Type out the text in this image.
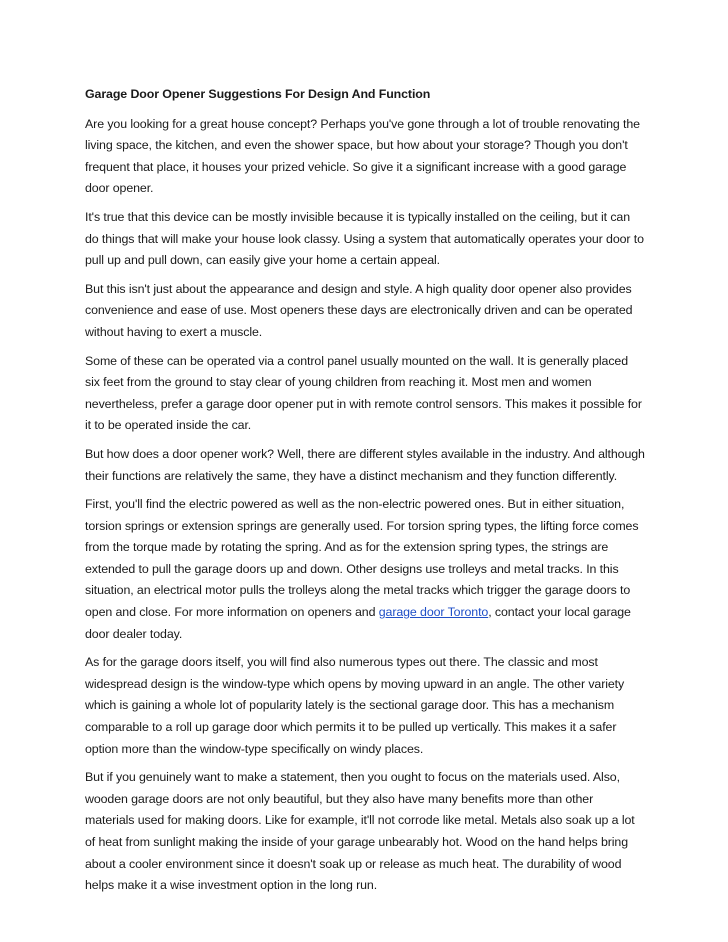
Garage Door Opener Suggestions For Design And Function

Are you looking for a great house concept? Perhaps you've gone through a lot of trouble renovating the living space, the kitchen, and even the shower space, but how about your storage? Though you don't frequent that place, it houses your prized vehicle. So give it a significant increase with a good garage door opener.

It's true that this device can be mostly invisible because it is typically installed on the ceiling, but it can do things that will make your house look classy. Using a system that automatically operates your door to pull up and pull down, can easily give your home a certain appeal.

But this isn't just about the appearance and design and style. A high quality door opener also provides convenience and ease of use. Most openers these days are electronically driven and can be operated without having to exert a muscle.

Some of these can be operated via a control panel usually mounted on the wall. It is generally placed six feet from the ground to stay clear of young children from reaching it. Most men and women nevertheless, prefer a garage door opener put in with remote control sensors. This makes it possible for it to be operated inside the car.

But how does a door opener work? Well, there are different styles available in the industry. And although their functions are relatively the same, they have a distinct mechanism and they function differently.

First, you'll find the electric powered as well as the non-electric powered ones. But in either situation, torsion springs or extension springs are generally used. For torsion spring types, the lifting force comes from the torque made by rotating the spring. And as for the extension spring types, the strings are extended to pull the garage doors up and down. Other designs use trolleys and metal tracks. In this situation, an electrical motor pulls the trolleys along the metal tracks which trigger the garage doors to open and close. For more information on openers and garage door Toronto, contact your local garage door dealer today.

As for the garage doors itself, you will find also numerous types out there. The classic and most widespread design is the window-type which opens by moving upward in an angle. The other variety which is gaining a whole lot of popularity lately is the sectional garage door. This has a mechanism comparable to a roll up garage door which permits it to be pulled up vertically. This makes it a safer option more than the window-type specifically on windy places.

But if you genuinely want to make a statement, then you ought to focus on the materials used. Also, wooden garage doors are not only beautiful, but they also have many benefits more than other materials used for making doors. Like for example, it'll not corrode like metal. Metals also soak up a lot of heat from sunlight making the inside of your garage unbearably hot. Wood on the hand helps bring about a cooler environment since it doesn't soak up or release as much heat. The durability of wood helps make it a wise investment option in the long run.
